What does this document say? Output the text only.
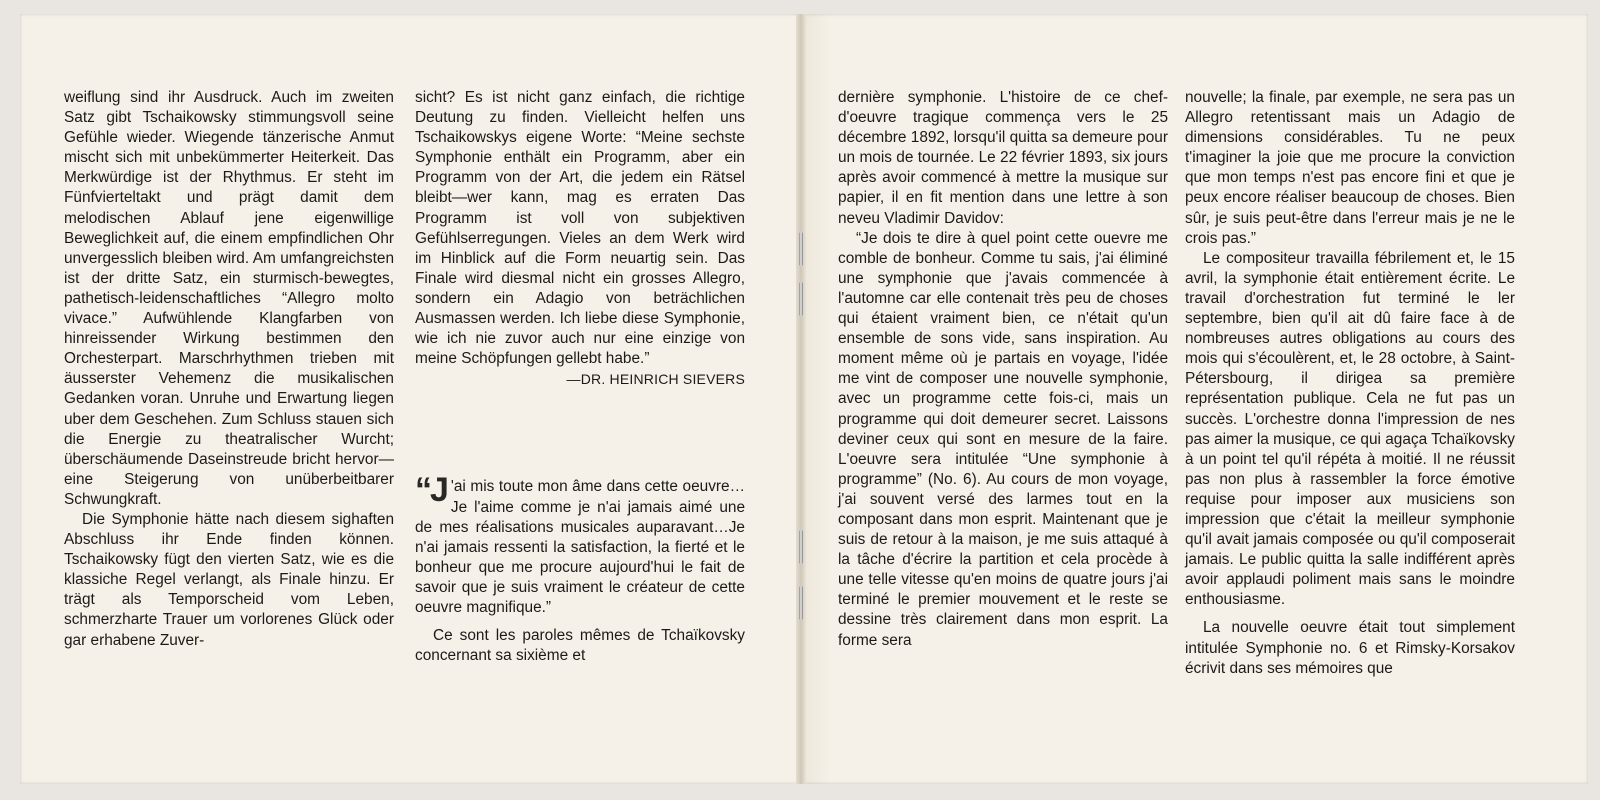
weiflung sind ihr Ausdruck. Auch im zweiten Satz gibt Tschaikowsky stimmungsvoll seine Gefühle wieder. Wiegende tänzerische Anmut mischt sich mit unbekümmerter Heiterkeit. Das Merkwürdige ist der Rhythmus. Er steht im Fünfvierteltakt und prägt damit dem melodischen Ablauf jene eigenwillige Beweglichkeit auf, die einem empfindlichen Ohr unvergesslich bleiben wird. Am umfangreichsten ist der dritte Satz, ein sturmisch-bewegtes, pathetisch-leidenschaftliches “Allegro molto vivace.” Aufwühlende Klangfarben von hinreissender Wirkung bestimmen den Orchesterpart. Marschrhythmen trieben mit äusserster Vehemenz die musikalischen Gedanken voran. Unruhe und Erwartung liegen uber dem Geschehen. Zum Schluss stauen sich die Energie zu theatralischer Wurcht; überschäumende Daseinstreude bricht hervor—eine Steigerung von unüberbeitbarer Schwungkraft.

Die Symphonie hätte nach diesem sighaften Abschluss ihr Ende finden können. Tschaikowsky fügt den vierten Satz, wie es die klassiche Regel verlangt, als Finale hinzu. Er trägt als Temporscheid vom Leben, schmerzharte Trauer um vorlorenes Glück oder gar erhabene Zuver-

sicht? Es ist nicht ganz einfach, die richtige Deutung zu finden. Vielleicht helfen uns Tschaikowskys eigene Worte: “Meine sechste Symphonie enthält ein Programm, aber ein Programm von der Art, die jedem ein Rätsel bleibt—wer kann, mag es erraten Das Programm ist voll von subjektiven Gefühlserregungen. Vieles an dem Werk wird im Hinblick auf die Form neuartig sein. Das Finale wird diesmal nicht ein grosses Allegro, sondern ein Adagio von beträchlichen Ausmassen werden. Ich liebe diese Symphonie, wie ich nie zuvor auch nur eine einzige von meine Schöpfungen gellebt habe.”

—DR. HEINRICH SIEVERS
“J 'ai mis toute mon âme dans cette oeuvre…Je l'aime comme je n'ai jamais aimé une de mes réalisations musicales auparavant…Je n'ai jamais ressenti la satisfaction, la fierté et le bonheur que me procure aujourd'hui le fait de savoir que je suis vraiment le créateur de cette oeuvre magnifique.”

Ce sont les paroles mêmes de Tchaïkovsky concernant sa sixième et

dernière symphonie. L'histoire de ce chef-d'oeuvre tragique commença vers le 25 décembre 1892, lorsqu'il quitta sa demeure pour un mois de tournée. Le 22 février 1893, six jours après avoir commencé à mettre la musique sur papier, il en fit mention dans une lettre à son neveu Vladimir Davidov:

“Je dois te dire à quel point cette ouevre me comble de bonheur. Comme tu sais, j'ai éliminé une symphonie que j'avais commencée à l'automne car elle contenait très peu de choses qui étaient vraiment bien, ce n'était qu'un ensemble de sons vide, sans inspiration. Au moment même où je partais en voyage, l'idée me vint de composer une nouvelle symphonie, avec un programme cette fois-ci, mais un programme qui doit demeurer secret. Laissons deviner ceux qui sont en mesure de la faire. L'oeuvre sera intitulée “Une symphonie à programme” (No. 6). Au cours de mon voyage, j'ai souvent versé des larmes tout en la composant dans mon esprit. Maintenant que je suis de retour à la maison, je me suis attaqué à la tâche d'écrire la partition et cela procède à une telle vitesse qu'en moins de quatre jours j'ai terminé le premier mouvement et le reste se dessine très clairement dans mon esprit. La forme sera

nouvelle; la finale, par exemple, ne sera pas un Allegro retentissant mais un Adagio de dimensions considérables. Tu ne peux t'imaginer la joie que me procure la conviction que mon temps n'est pas encore fini et que je peux encore réaliser beaucoup de choses. Bien sûr, je suis peut-être dans l'erreur mais je ne le crois pas.”

Le compositeur travailla fébrilement et, le 15 avril, la symphonie était entièrement écrite. Le travail d'orchestration fut terminé le ler septembre, bien qu'il ait dû faire face à de nombreuses autres obligations au cours des mois qui s'écoulèrent, et, le 28 octobre, à Saint-Pétersbourg, il dirigea sa première représentation publique. Cela ne fut pas un succès. L'orchestre donna l'impression de nes pas aimer la musique, ce qui agaça Tchaïkovsky à un point tel qu'il répéta à moitié. Il ne réussit pas non plus à rassembler la force émotive requise pour imposer aux musiciens son impression que c'était la meilleur symphonie qu'il avait jamais composée ou qu'il composerait jamais. Le public quitta la salle indifférent après avoir applaudi poliment mais sans le moindre enthousiasme.

La nouvelle oeuvre était tout simplement intitulée Symphonie no. 6 et Rimsky-Korsakov écrivit dans ses mémoires que
